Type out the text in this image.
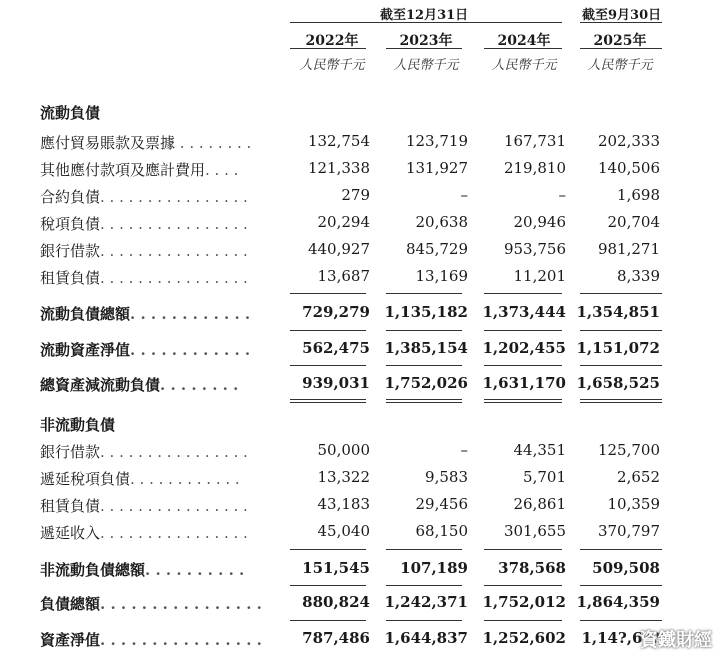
截至12月31日	截至9月30日
2022年	2023年	2024年	2025年
人民幣千元	人民幣千元	人民幣千元	人民幣千元
流動負債
應付貿易賬款及票據 . . . . . . . .	132,754	123,719	167,731	202,333
其他應付款項及應計費用. . . .	121,338	131,927	219,810	140,506
合約負債. . . . . . . . . . . . . . . .	279	–	–	1,698
稅項負債. . . . . . . . . . . . . . . .	20,294	20,638	20,946	20,704
銀行借款. . . . . . . . . . . . . . . .	440,927	845,729	953,756	981,271
租賃負債. . . . . . . . . . . . . . . .	13,687	13,169	11,201	8,339
流動負債總額. . . . . . . . . . . .	729,279 1,135,182 1,373,444 1,354,851
流動資產淨值. . . . . . . . . . . .	562,475 1,385,154 1,202,455 1,151,072
總資產減流動負債. . . . . . . .	939,031 1,752,026 1,631,170 1,658,525
非流動負債
銀行借款. . . . . . . . . . . . . . . .	50,000	–	44,351	125,700
遞延稅項負債. . . . . . . . . . . .	13,322	9,583	5,701	2,652
租賃負債. . . . . . . . . . . . . . . .	43,183	29,456	26,861	10,359
遞延收入. . . . . . . . . . . . . . . .	45,040	68,150	301,655	370,797
非流動負債總額. . . . . . . . . .	151,545	107,189	378,568	509,508
負債總額. . . . . . . . . . . . . . . .	880,824 1,242,371 1,752,012 1,864,359
資產淨值. . . . . . . . . . . . . . . .	787,486 1,644,837 1,252,602	1,14?,6??
資鐵財經
